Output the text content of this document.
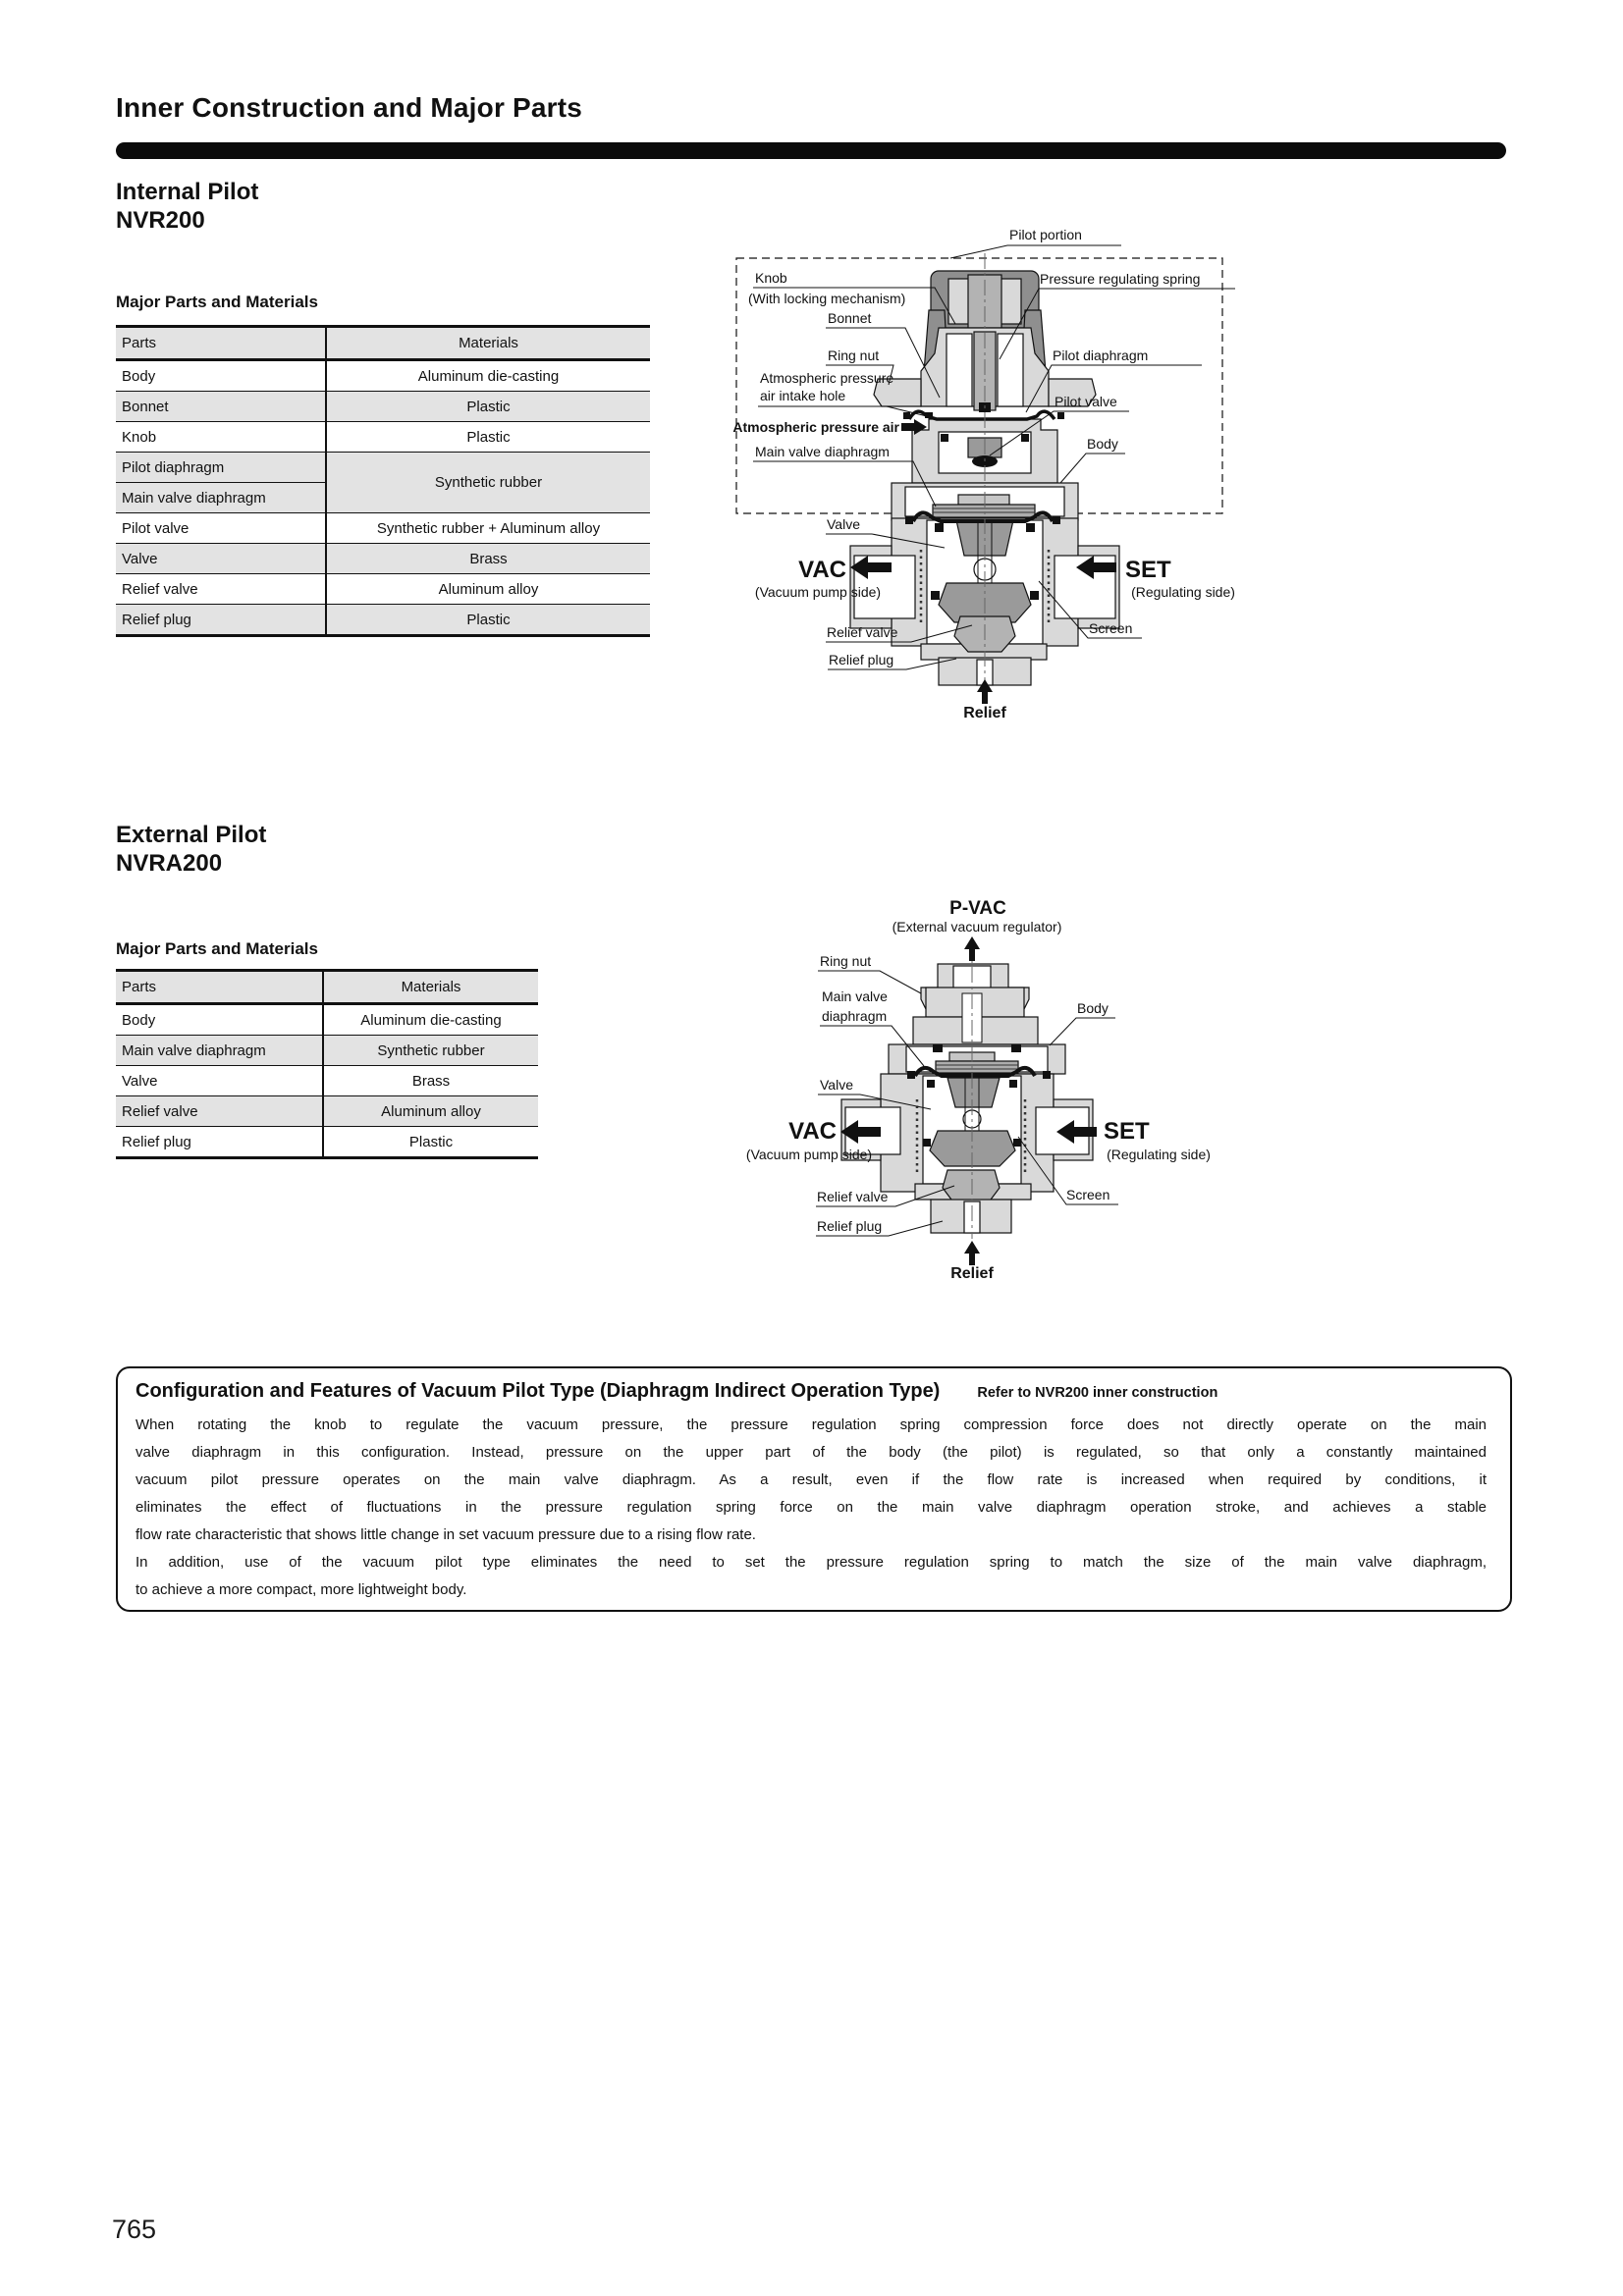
Inner Construction and Major Parts
Internal Pilot
NVR200
Major Parts and Materials
Parts	Materials
Body	Aluminum die-casting
Bonnet	Plastic
Knob	Plastic
Pilot diaphragm	Synthetic rubber
Main valve diaphragm	
Pilot valve	Synthetic rubber + Aluminum alloy
Valve	Brass
Relief valve	Aluminum alloy
Relief plug	Plastic
Pilot portion
Knob
(With locking mechanism)
Bonnet
Ring nut
Atmospheric pressure
air intake hole
Atmospheric pressure air
Main valve diaphragm
Pressure regulating spring
Pilot diaphragm
Pilot valve
Body
Valve
VAC
(Vacuum pump side)
SET
(Regulating side)
Screen
Relief valve
Relief plug
Relief
External Pilot
NVRA200
Major Parts and Materials
Parts	Materials
Body	Aluminum die-casting
Main valve diaphragm	Synthetic rubber
Valve	Brass
Relief valve	Aluminum alloy
Relief plug	Plastic
P-VAC
(External vacuum regulator)
Ring nut
Main valve
diaphragm	Body
Valve
VAC
(Vacuum pump side)
SET
(Regulating side)
Relief valve
Relief plug
Screen
Relief
Configuration and Features of Vacuum Pilot Type (Diaphragm Indirect Operation Type)	Refer to NVR200 inner construction
When rotating the knob to regulate the vacuum pressure, the pressure regulation spring compression force does not directly operate on the main
valve diaphragm in this configuration. Instead, pressure on the upper part of the body (the pilot) is regulated, so that only a constantly maintained
vacuum pilot pressure operates on the main valve diaphragm. As a result, even if the flow rate is increased when required by conditions, it
eliminates the effect of fluctuations in the pressure regulation spring force on the main valve diaphragm operation stroke, and achieves a stable
flow rate characteristic that shows little change in set vacuum pressure due to a rising flow rate.
In addition, use of the vacuum pilot type eliminates the need to set the pressure regulation spring to match the size of the main valve diaphragm,
to achieve a more compact, more lightweight body.
765
